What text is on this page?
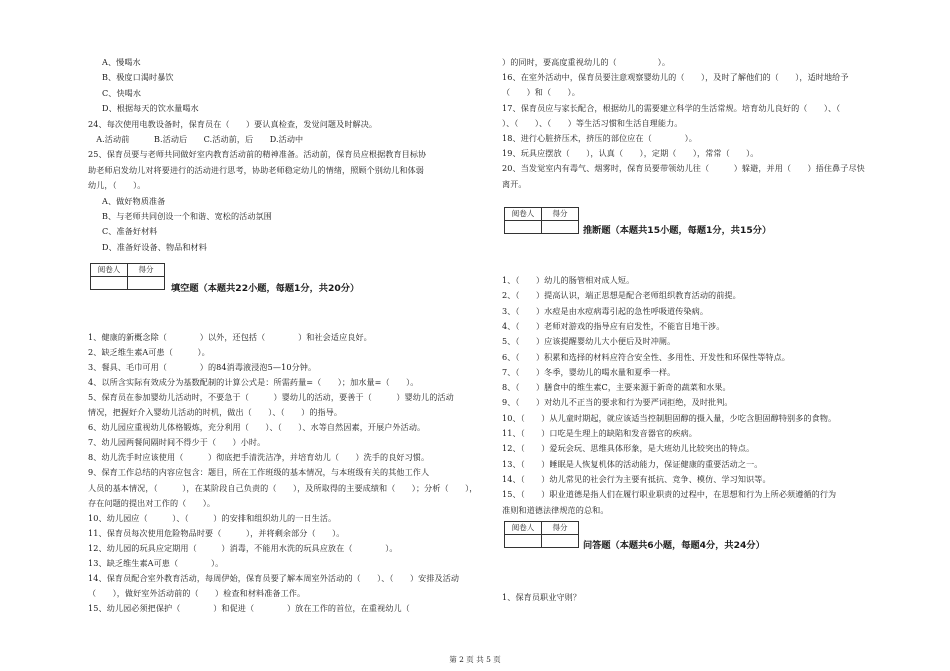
A、慢喝水
B、极度口渴时暴饮
C、快喝水
D、根据每天的饮水量喝水
24、每次使用电教设备时，保育员在（　　）要认真检查，发觉问题及时解决。
　A.活动前　　　B.活动后　　C.活动前，后　　D.活动中
25、保育员要与老师共同做好室内教育活动前的精神准备。活动前，保育员应根据教育目标协
助老师启发幼儿对将要进行的活动进行思考，协助老师稳定幼儿的情绪，照顾个别幼儿和体弱
幼儿，（　　）。
A、做好物质准备
B、与老师共同创设一个和谐、宽松的活动氛围
C、准备好材料
D、准备好设备、物品和材料
阅卷人	得分

填空题（本题共22小题，每题1分，共20分）
1、健康的新概念除（　　　　）以外，还包括（　　　　）和社会适应良好。
2、缺乏维生素A可患（　　　）。
3、餐具、毛巾可用（　　　　）的84消毒液浸泡5—10分钟。
4、以所含实际有效成分为基数配制的计算公式是：所需药量=（　　）；加水量=（　　）。
5、保育员在参加婴幼儿活动时，不要急于（　　　）婴幼儿的活动，要善于（　　　）婴幼儿的活动
情况，把握好介入婴幼儿活动的时机，做出（　　）、（　　）的指导。
6、幼儿园应重视幼儿体格锻炼，充分利用（　　）、（　　）、水等自然因素，开展户外活动。
7、幼儿园两餐间隔时间不得少于（　　）小时。
8、幼儿洗手时应该使用（　　　）彻底把手清洗洁净，并培育幼儿（　　）洗手的良好习惯。
9、保育工作总结的内容应包含：题目，所在工作班级的基本情况，与本班级有关的其他工作人
人员的基本情况，（　　　），在某阶段自己负责的（　　），及所取得的主要成绩和（　　）；分析（　　），
存在问题的提出对工作的（　　）。
10、幼儿园应（　　　）、（　　　）的安排和组织幼儿的一日生活。
11、保育员每次使用危险物品时要（　　　），并将剩余部分（　　）。
12、幼儿园的玩具应定期用（　　　）消毒，不能用水洗的玩具应放在（　　　　）。
13、缺乏维生素A可患（　　　　）。
14、保育员配合室外教育活动，每周伊始，保育员要了解本周室外活动的（　　）、（　　）安排及活动
（　　），做好室外活动前的（　　）检查和材料准备工作。
15、幼儿园必须把保护（　　　　）和促进（　　　　）放在工作的首位，在重视幼儿（　　
）的同时，要高度重视幼儿的（　　　　　）。
16、在室外活动中，保育员要注意观察婴幼儿的（　　），及时了解他们的（　　），适时地给予
（　　）和（　　）。
17、保育员应与家长配合，根据幼儿的需要建立科学的生活常规。培育幼儿良好的（　　）、（　
）、（　　）、（　　）等生活习惯和生活自理能力。
18、进行心脏挤压术，挤压的部位应在（　　　　）。
19、玩具应摆放（　　），认真（　　），定期（　　），常常（　　）。
20、当发觉室内有毒气、烟雾时，保育员要带领幼儿往（　　　）躲避，并用（　　）捂住鼻子尽快
离开。
阅卷人	得分

推断题（本题共15小题，每题1分，共15分）
1、（　　）幼儿的肠管相对成人短。
2、（　　）提高认识，端正思想是配合老师组织教育活动的前提。
3、（　　）水痘是由水痘病毒引起的急性呼吸道传染病。
4、（　　）老师对游戏的指导应有启发性，不能盲目地干涉。
5、（　　）应该提醒婴幼儿大小便后及时冲厕。
6、（　　）积累和选择的材料应符合安全性、多用性、开发性和环保性等特点。
7、（　　）冬季，婴幼儿的喝水量和夏季一样。
8、（　　）膳食中的维生素C，主要来源于新奇的蔬菜和水果。
9、（　　）对幼儿不正当的要求和行为要严词拒绝，及时批判。
10、（　　）从儿童时期起，就应该适当控制胆固醇的摄入量，少吃含胆固醇特别多的食物。
11、（　　）口吃是生理上的缺陷和发音器官的疾病。
12、（　　）爱玩会玩、思维具体形象，是大班幼儿比较突出的特点。
13、（　　）睡眠是人恢复机体的活动能力，保证健康的重要活动之一。
14、（　　）幼儿常见的社会行为主要有抵抗、竞争、模仿、学习知识等。
15、（　　）职业道德是指人们在履行职业职责的过程中，在思想和行为上所必须遵循的行为
准则和道德法律规范的总和。
阅卷人	得分

问答题（本题共6小题，每题4分，共24分）
1、保育员职业守则？
第 2 页 共 5 页
